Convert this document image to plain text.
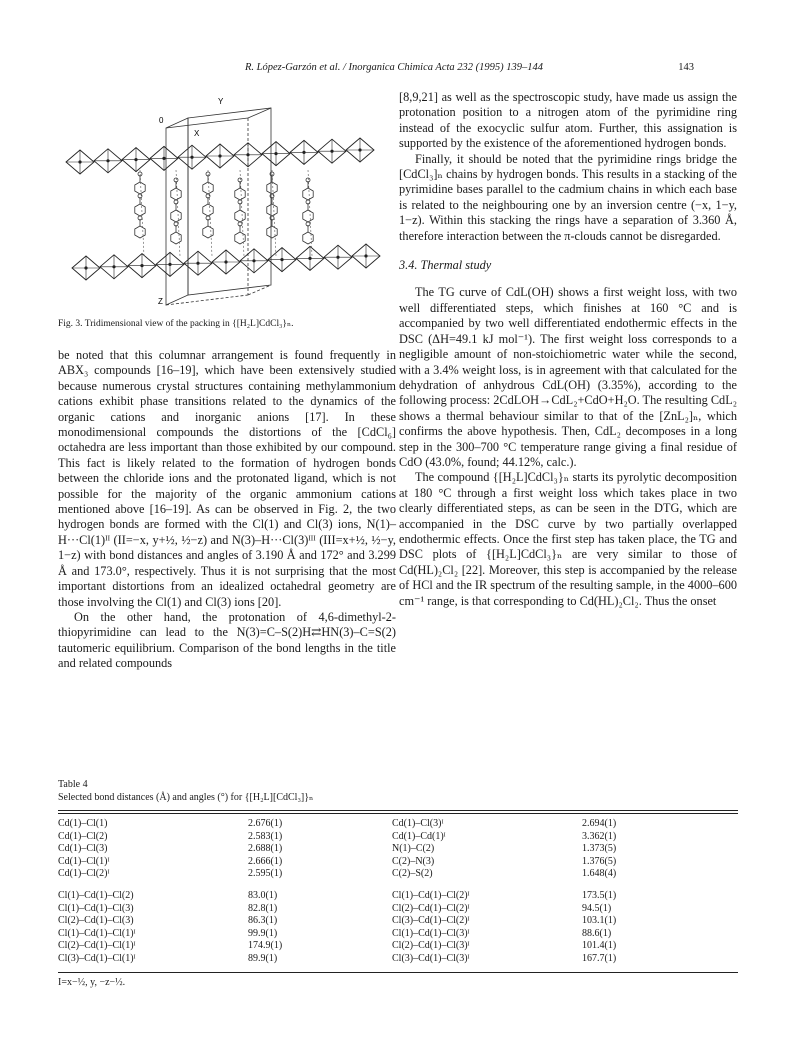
R. López-Garzón et al. / Inorganica Chimica Acta 232 (1995) 139–144	143
Y
X
0
Z
Fig. 3. Tridimensional view of the packing in {[H₂L]CdCl₃}ₙ.

be noted that this columnar arrangement is found frequently in ABX₃ compounds [16–19], which have been extensively studied because numerous crystal structures containing methylammonium cations exhibit phase transitions related to the dynamics of the organic cations and inorganic anions [17]. In these monodimensional compounds the distortions of the [CdCl₆] octahedra are less important than those exhibited by our compound. This fact is likely related to the formation of hydrogen bonds between the chloride ions and the protonated ligand, which is not possible for the majority of the organic ammonium cations mentioned above [16–19]. As can be observed in Fig. 2, the two hydrogen bonds are formed with the Cl(1) and Cl(3) ions, N(1)–H···Cl(1)ᴵᴵ (II=−x, y+½, ½−z) and N(3)–H···Cl(3)ᴵᴵᴵ (III=x+½, ½−y, 1−z) with bond distances and angles of 3.190 Å and 172° and 3.299 Å and 173.0°, respectively. Thus it is not surprising that the most important distortions from an idealized octahedral geometry are those involving the Cl(1) and Cl(3) ions [20].

On the other hand, the protonation of 4,6-dimethyl-2-thiopyrimidine can lead to the N(3)=C–S(2)H⇄HN(3)–C=S(2) tautomeric equilibrium. Comparison of the bond lengths in the title and related compounds

[8,9,21] as well as the spectroscopic study, have made us assign the protonation position to a nitrogen atom of the pyrimidine ring instead of the exocyclic sulfur atom. Further, this assignation is supported by the existence of the aforementioned hydrogen bonds.

Finally, it should be noted that the pyrimidine rings bridge the [CdCl₃]ₙ chains by hydrogen bonds. This results in a stacking of the pyrimidine bases parallel to the cadmium chains in which each base is related to the neighbouring one by an inversion centre (−x, 1−y, 1−z). Within this stacking the rings have a separation of 3.360 Å, therefore interaction between the π-clouds cannot be disregarded.

3.4. Thermal study

The TG curve of CdL(OH) shows a first weight loss, with two well differentiated steps, which finishes at 160 °C and is accompanied by two well differentiated endothermic effects in the DSC (ΔH=49.1 kJ mol⁻¹). The first weight loss corresponds to a negligible amount of non-stoichiometric water while the second, with a 3.4% weight loss, is in agreement with that calculated for the dehydration of anhydrous CdL(OH) (3.35%), according to the following process: 2CdLOH→CdL₂+CdO+H₂O. The resulting CdL₂ shows a thermal behaviour similar to that of the [ZnL₂]ₙ, which confirms the above hypothesis. Then, CdL₂ decomposes in a long step in the 300–700 °C temperature range giving a final residue of CdO (43.0%, found; 44.12%, calc.).

The compound {[H₂L]CdCl₃}ₙ starts its pyrolytic decomposition at 180 °C through a first weight loss which takes place in two clearly differentiated steps, as can be seen in the DTG, which are accompanied in the DSC curve by two partially overlapped endothermic effects. Once the first step has taken place, the TG and DSC plots of {[H₂L]CdCl₃}ₙ are very similar to those of Cd(HL)₂Cl₂ [22]. Moreover, this step is accompanied by the release of HCl and the IR spectrum of the resulting sample, in the 4000–600 cm⁻¹ range, is that corresponding to Cd(HL)₂Cl₂. Thus the onset

Table 4
Selected bond distances (Å) and angles (°) for {[H₂L][CdCl₃]}ₙ
Cd(1)–Cl(1)	2.676(1)	Cd(1)–Cl(3)ᴵ	2.694(1)
Cd(1)–Cl(2)	2.583(1)	Cd(1)–Cd(1)ᴵ	3.362(1)
Cd(1)–Cl(3)	2.688(1)	N(1)–C(2)	1.373(5)
Cd(1)–Cl(1)ᴵ	2.666(1)	C(2)–N(3)	1.376(5)
Cd(1)–Cl(2)ᴵ	2.595(1)	C(2)–S(2)	1.648(4)

Cl(1)–Cd(1)–Cl(2)	83.0(1)	Cl(1)–Cd(1)–Cl(2)ᴵ	173.5(1)
Cl(1)–Cd(1)–Cl(3)	82.8(1)	Cl(2)–Cd(1)–Cl(2)ᴵ	94.5(1)
Cl(2)–Cd(1)–Cl(3)	86.3(1)	Cl(3)–Cd(1)–Cl(2)ᴵ	103.1(1)
Cl(1)–Cd(1)–Cl(1)ᴵ	99.9(1)	Cl(1)–Cd(1)–Cl(3)ᴵ	88.6(1)
Cl(2)–Cd(1)–Cl(1)ᴵ	174.9(1)	Cl(2)–Cd(1)–Cl(3)ᴵ	101.4(1)
Cl(3)–Cd(1)–Cl(1)ᴵ	89.9(1)	Cl(3)–Cd(1)–Cl(3)ᴵ	167.7(1)
I=x−½, y, −z−½.
